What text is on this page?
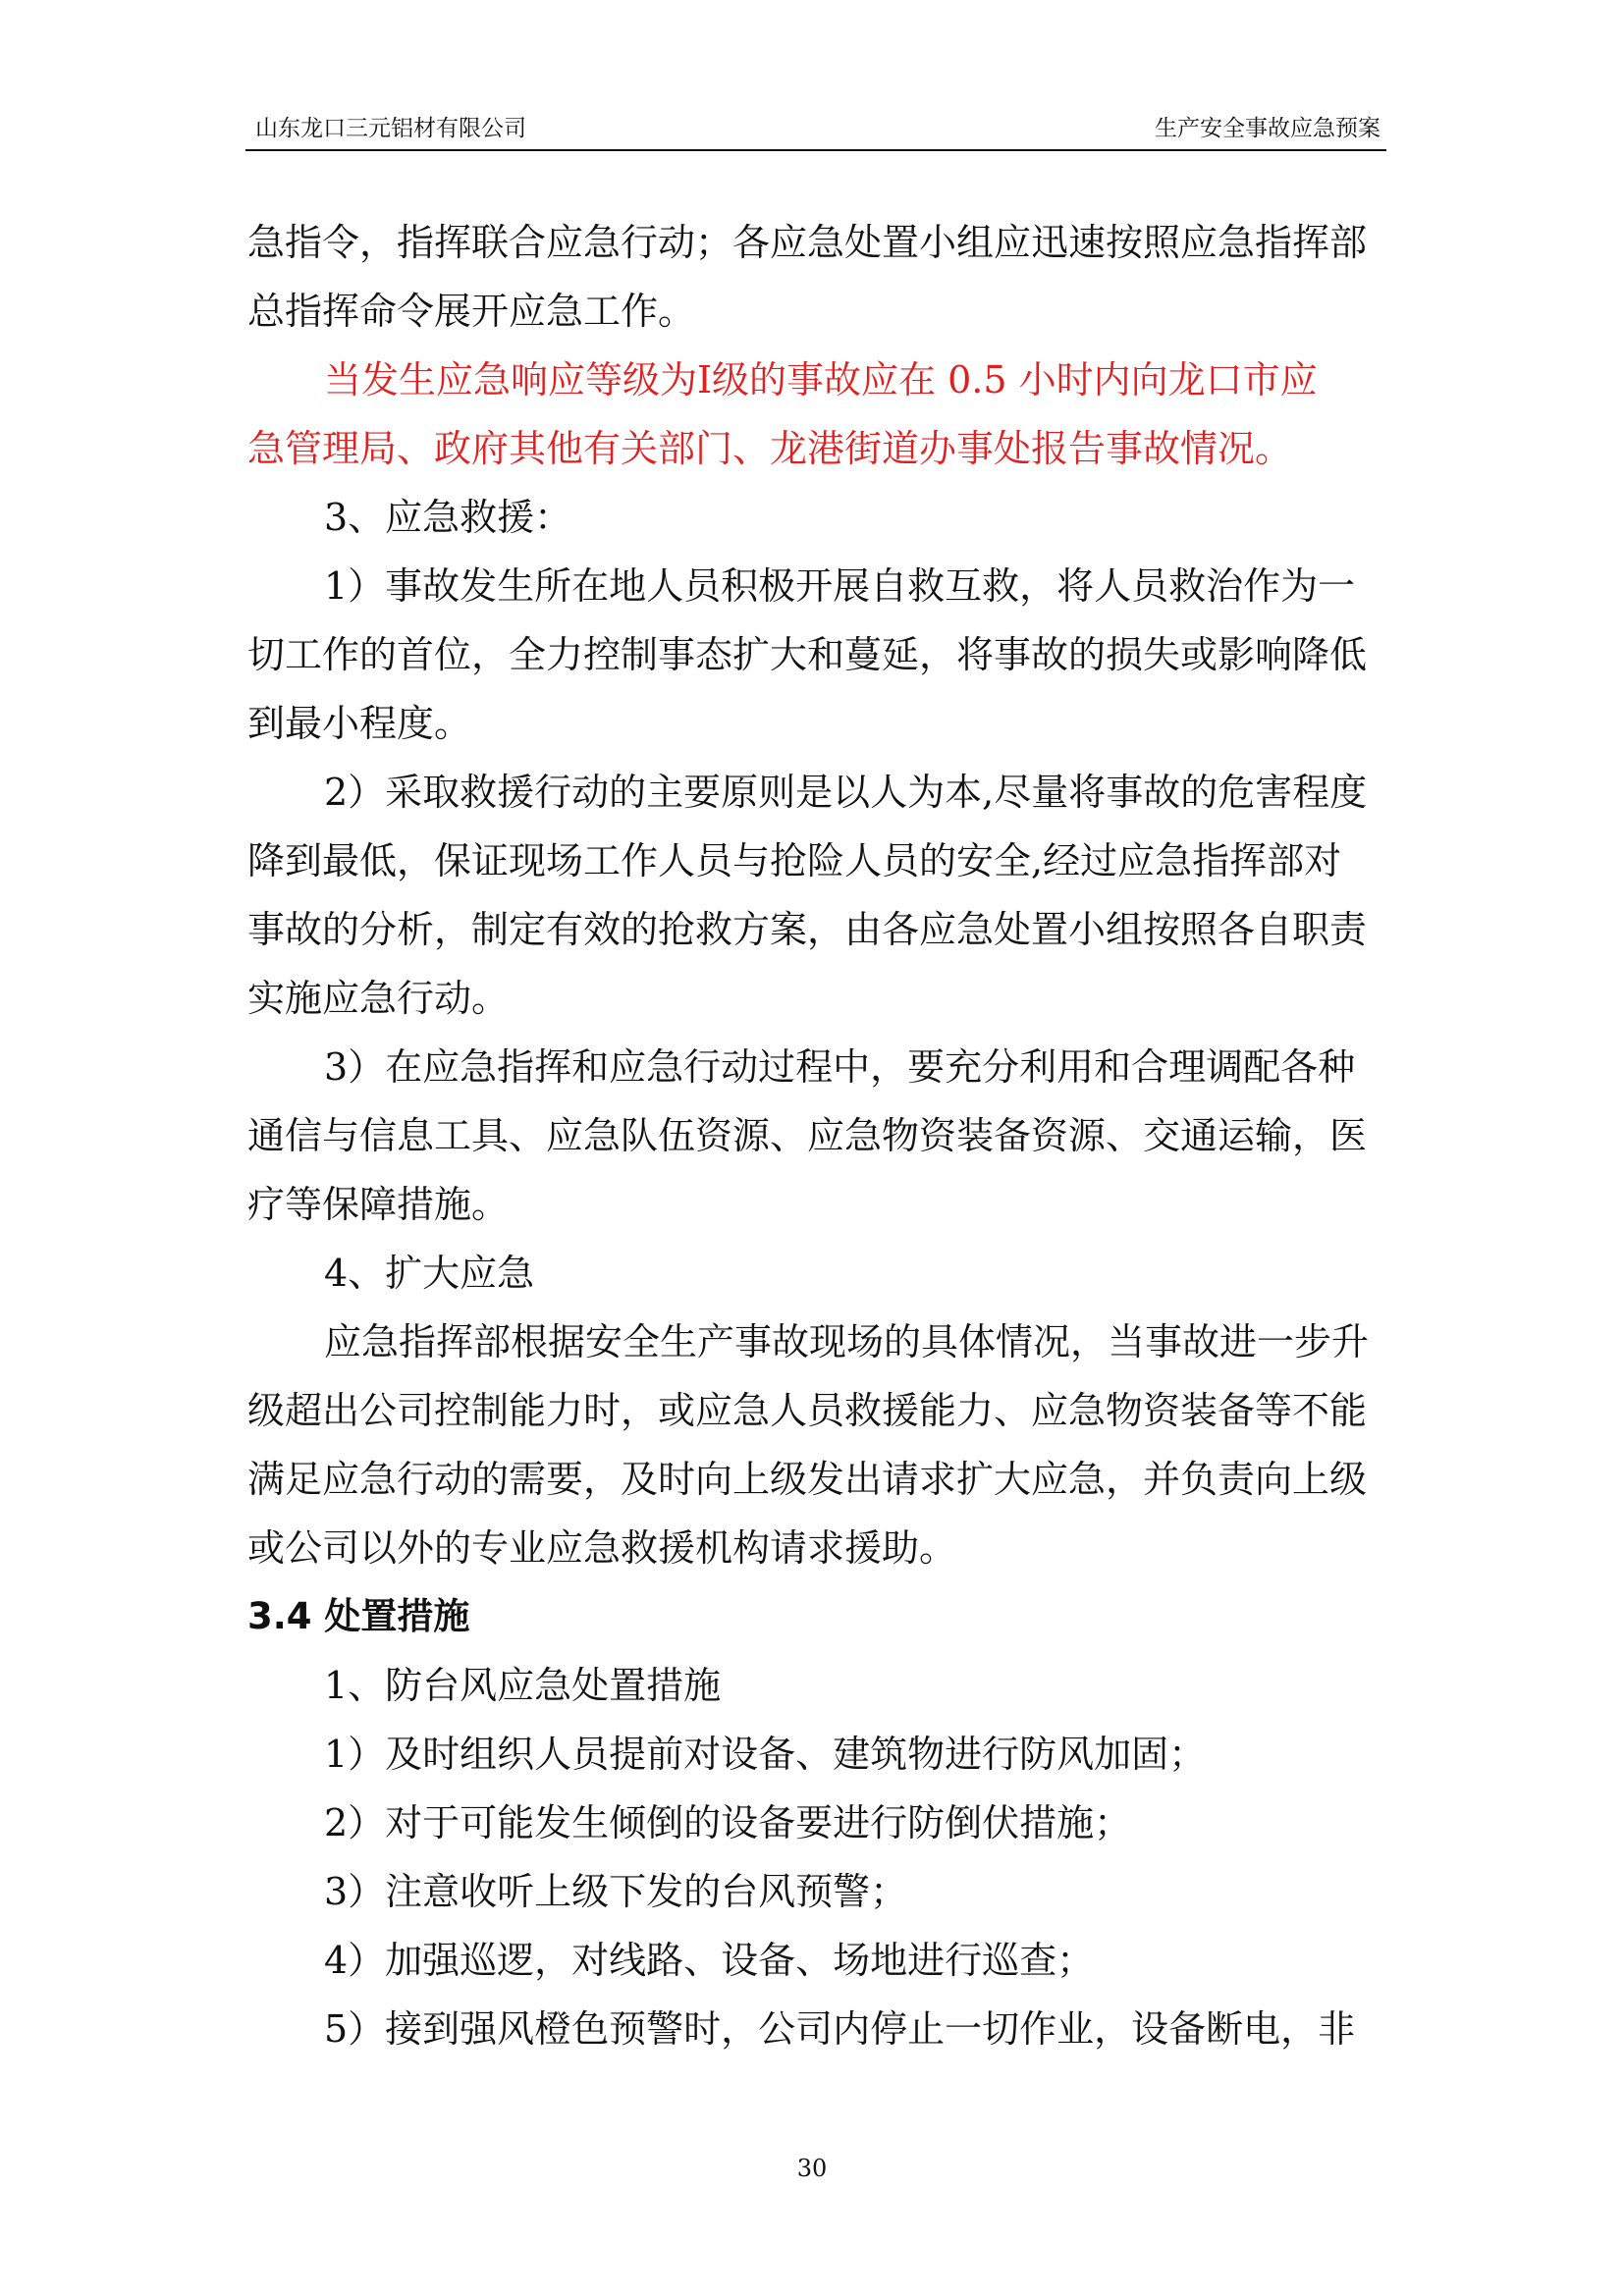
山东龙口三元铝材有限公司	生产安全事故应急预案
急指令，指挥联合应急行动；各应急处置小组应迅速按照应急指挥部
总指挥命令展开应急工作。
当发生应急响应等级为Ⅰ级的事故应在 0.5 小时内向龙口市应
急管理局、政府其他有关部门、龙港街道办事处报告事故情况。
3、应急救援：
1）事故发生所在地人员积极开展自救互救，将人员救治作为一
切工作的首位，全力控制事态扩大和蔓延，将事故的损失或影响降低
到最小程度。
2）采取救援行动的主要原则是以人为本,尽量将事故的危害程度
降到最低，保证现场工作人员与抢险人员的安全,经过应急指挥部对
事故的分析，制定有效的抢救方案，由各应急处置小组按照各自职责
实施应急行动。
3）在应急指挥和应急行动过程中，要充分利用和合理调配各种
通信与信息工具、应急队伍资源、应急物资装备资源、交通运输，医
疗等保障措施。
4、扩大应急
应急指挥部根据安全生产事故现场的具体情况，当事故进一步升
级超出公司控制能力时，或应急人员救援能力、应急物资装备等不能
满足应急行动的需要，及时向上级发出请求扩大应急，并负责向上级
或公司以外的专业应急救援机构请求援助。
3.4 处置措施
1、防台风应急处置措施
1）及时组织人员提前对设备、建筑物进行防风加固；
2）对于可能发生倾倒的设备要进行防倒伏措施；
3）注意收听上级下发的台风预警；
4）加强巡逻，对线路、设备、场地进行巡查；
5）接到强风橙色预警时，公司内停止一切作业，设备断电，非
30
